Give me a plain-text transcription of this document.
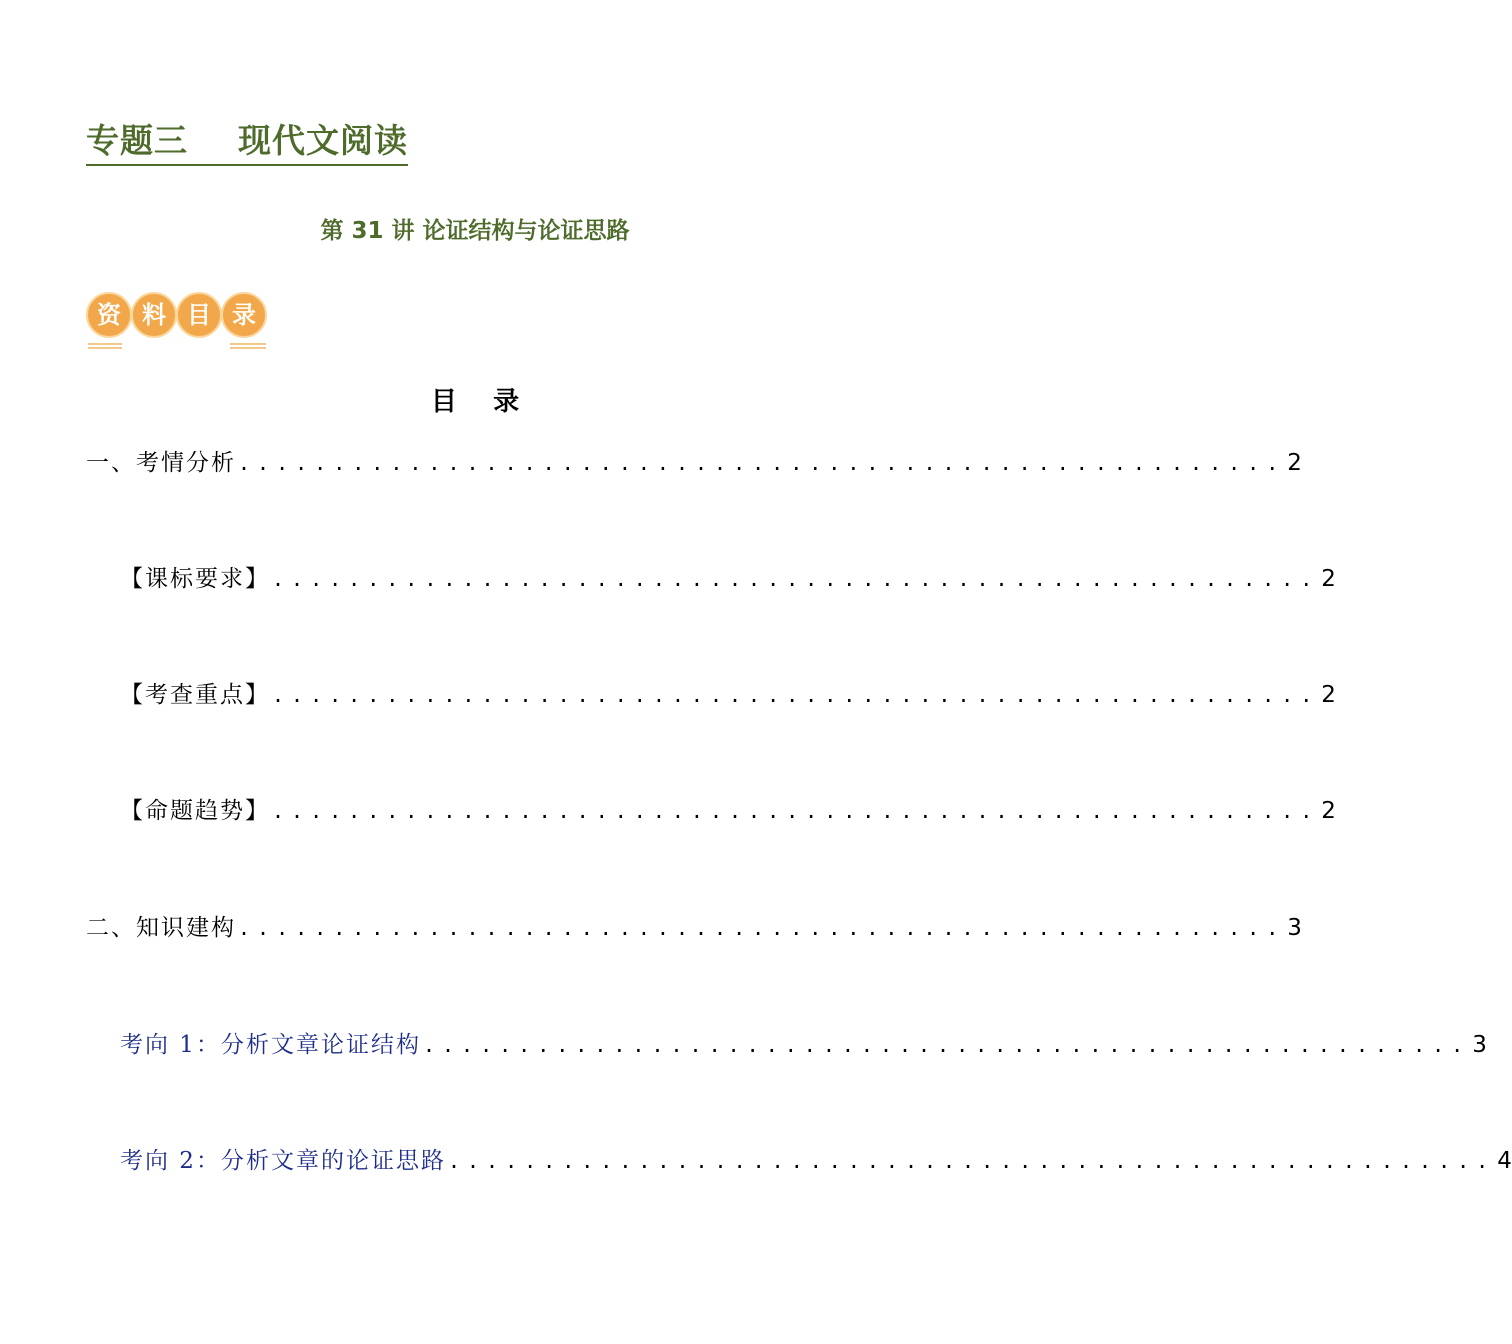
专题三    现代文阅读
第 31 讲 论证结构与论证思路
资 料 目 录
目    录
一、考情分析 ....................................................... 2
【课标要求】 ....................................................... 2
【考查重点】 ....................................................... 2
【命题趋势】 ....................................................... 2
二、知识建构 ....................................................... 3
考向 1：分析文章论证结构 ....................................................... 3
考向 2：分析文章的论证思路 ....................................................... 4
